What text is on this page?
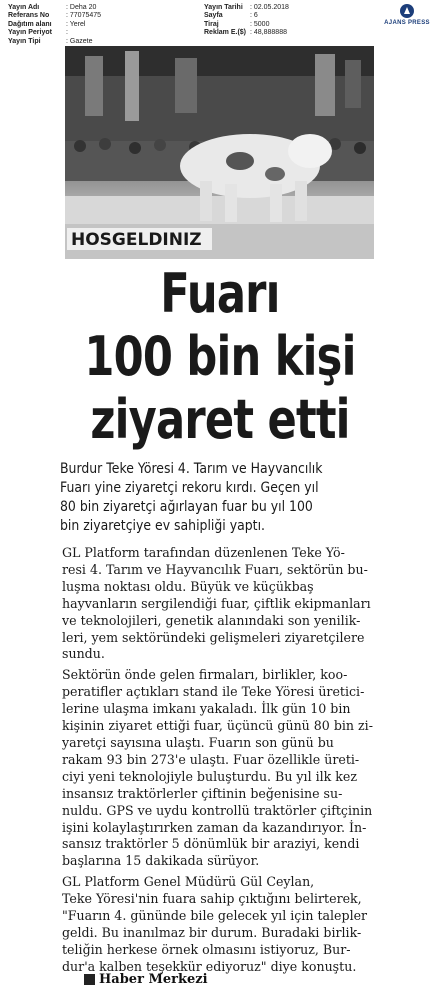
Yayın Adı	: Deha 20
Referans No : 77075475
Dağıtım alanı : Yerel
Yayın Periyot :
Yayın Tipi	: Gazete
Yayın Tarihi : 02.05.2018
Sayfa	: 6
Tiraj	: 5000
Reklam E.($) : 48,888888
AJANS PRESS
HOSGELDINIZ
Fuarı
100 bin kişi
ziyaret etti
Burdur Teke Yöresi 4. Tarım ve Hayvancılık
Fuarı yine ziyaretçi rekoru kırdı. Geçen yıl
80 bin ziyaretçi ağırlayan fuar bu yıl 100
bin ziyaretçiye ev sahipliği yaptı.
GL Platform tarafından düzenlenen Teke Yö-
resi 4. Tarım ve Hayvancılık Fuarı, sektörün bu-
luşma noktası oldu. Büyük ve küçükbaş
hayvanların sergilendiği fuar, çiftlik ekipmanları
ve teknolojileri, genetik alanındaki son yenilik-
leri, yem sektöründeki gelişmeleri ziyaretçilere
sundu.
Sektörün önde gelen firmaları, birlikler, koo-
peratifler açtıkları stand ile Teke Yöresi üretici-
lerine ulaşma imkanı yakaladı. İlk gün 10 bin
kişinin ziyaret ettiği fuar, üçüncü günü 80 bin zi-
yaretçi sayısına ulaştı. Fuarın son günü bu
rakam 93 bin 273'e ulaştı. Fuar özellikle üreti-
ciyi yeni teknolojiyle buluşturdu. Bu yıl ilk kez
insansız traktörlerler çiftinin beğenisine su-
nuldu. GPS ve uydu kontrollü traktörler çiftçinin
işini kolaylaştırırken zaman da kazandırıyor. İn-
sansız traktörler 5 dönümlük bir araziyi, kendi
başlarına 15 dakikada sürüyor.
GL Platform Genel Müdürü Gül Ceylan,
Teke Yöresi'nin fuara sahip çıktığını belirterek,
"Fuarın 4. gününde bile gelecek yıl için talepler
geldi. Bu inanılmaz bir durum. Buradaki birlik-
teliğin herkese örnek olmasını istiyoruz, Bur-
dur'a kalben teşekkür ediyoruz" diye konuştu.
Haber Merkezi
